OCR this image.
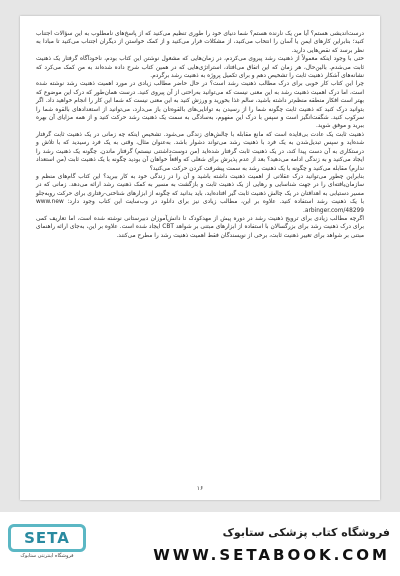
درست‌اندیشی هستم؟ آیا من یک نارنده هستم؟ شما دنیای خود را طوری تنظیم می‌کنید که از پاسخ‌های نامطلوب به این سؤالات اجتناب کنید؛ بنابراین کارهای ایمن یا آسان را انتخاب می‌کنید، از مشکلات فرار می‌کنید و از کمک خواستن از دیگران اجتناب می‌کنید تا مبادا به نظر برسد که نقص‌هایی دارید.

حتی با وجود اینکه معمولاً از ذهنیت رشد پیروی می‌کردم، در زمان‌هایی که مشغول نوشتن این کتاب بودم، ناخودآگاه گرفتار یک ذهنیت ثابت می‌شدم. بالین‌حال، هر زمان که این اتفاق می‌افتاد، استراتژی‌هایی که در همین کتاب شرح داده شده‌اند به من کمک می‌کرد که نشانه‌های آشکار ذهنیت ثابت را تشخیص دهم و برای تکمیل پروژه به ذهنیت رشد برگردم.

چرا این کتاب کار خوبی برای درک مطالب ذهنیت رشد است؟ در حال حاضر مطالب زیادی در مورد اهمیت ذهنیت رشد نوشته شده است، اما درک اهمیت ذهنیت رشد به این معنی نیست که می‌توانید به‌راحتی از آن پیروی کنید. درست همان‌طور که درک این موضوع که بهتر است افکار منطقه منظم‌تر داشته باشید، سالم غذا بخورید و ورزش کنید به این معنی نیست که شما این کار را انجام خواهید داد. اگر بتوانید درک کنید که ذهنیت ثابت چگونه شما را از رسیدن به توانایی‌های بالقوه‌تان باز می‌دارد، می‌توانید از استعدادهای بالقوه شما را سرکوب کنید. شگفت‌انگیز است و سپس با درک این مفهوم، به‌سادگی به سمت یک ذهنیت رشد حرکت کنید و از همه مزایای آن بهره ببرید و موفق شوید.

ذهنیت ثابت یک عادت بی‌فایده است که مانع مقابله با چالش‌های زندگی می‌شود. تشخیص اینکه چه زمانی در یک ذهنیت ثابت گرفتار شده‌اید و سپس تبدیل‌شدن به یک فرد با ذهنیت رشد می‌تواند دشوار باشد. به‌عنوان مثال، وقتی به یک فرد رسیدید که با تلاش و درستکاری به آن دست پیدا کند، در یک ذهنیت ثابت گرفتار شده‌اید (من دوست‌داشتنی نیستم) گرفتار ماندن. چگونه یک ذهنیت رشد را ایجاد می‌کنید و به زندگی ادامه می‌دهید؟ بعد از عدم پذیرش برای شغلی که واقعاً خواهان آن بودید چگونه با یک ذهنیت ثابت (من استعداد ندارم) مقابله می‌کنید و چگونه با یک ذهنیت رشد به سمت پیشرفت کردن حرکت می‌کنید؟

بنابراین چطور می‌توانید درک عقلانی از اهمیت ذهنیت داشته باشید و آن را در زندگی خود به کار ببرید؟ این کتاب گام‌های منظم و سازمان‌یافته‌ای را در جهت شناسایی و رهایی از یک ذهنیت ثابت و بازگشت به مسیر به کمک ذهنیت رشد ارائه می‌دهد. زمانی که در مسیر دستیابی به اهدافتان در یک چالش ذهنیت ثابت گیر افتاده‌اید، باید بدانید که چگونه از ابزارهای شناختی-رفتاری برای حرکت رو‌به‌جلو با یک ذهنیت رشد استفاده کنید. علاوه بر این، مطالب زیادی نیز برای دانلود در وب‌سایت این کتاب وجود دارد: www.new arbinger.com/48299.

اگرچه مطالب زیادی برای ترویج ذهنیت رشد در دوره پیش از مهدکودک تا دانش‌آموزان دبیرستانی نوشته شده است، اما تعاریف کمی برای درک ذهنیت رشد برای بزرگسالان با استفاده از ابزارهای مبتنی بر شواهد CBT ایجاد شده است. علاوه بر این، به‌جای ارائه راهنمای مبتنی بر شواهد برای تغییر ذهنیت ثابت، برخی از نویسندگان فقط اهمیت ذهنیت رشد را مطرح می‌کنند.

۱۶
SETA
فروشگاه اینترنتی ستابوک
فروشگاه کتاب پزشکی ستابوک
WWW.SETABOOK.COM
